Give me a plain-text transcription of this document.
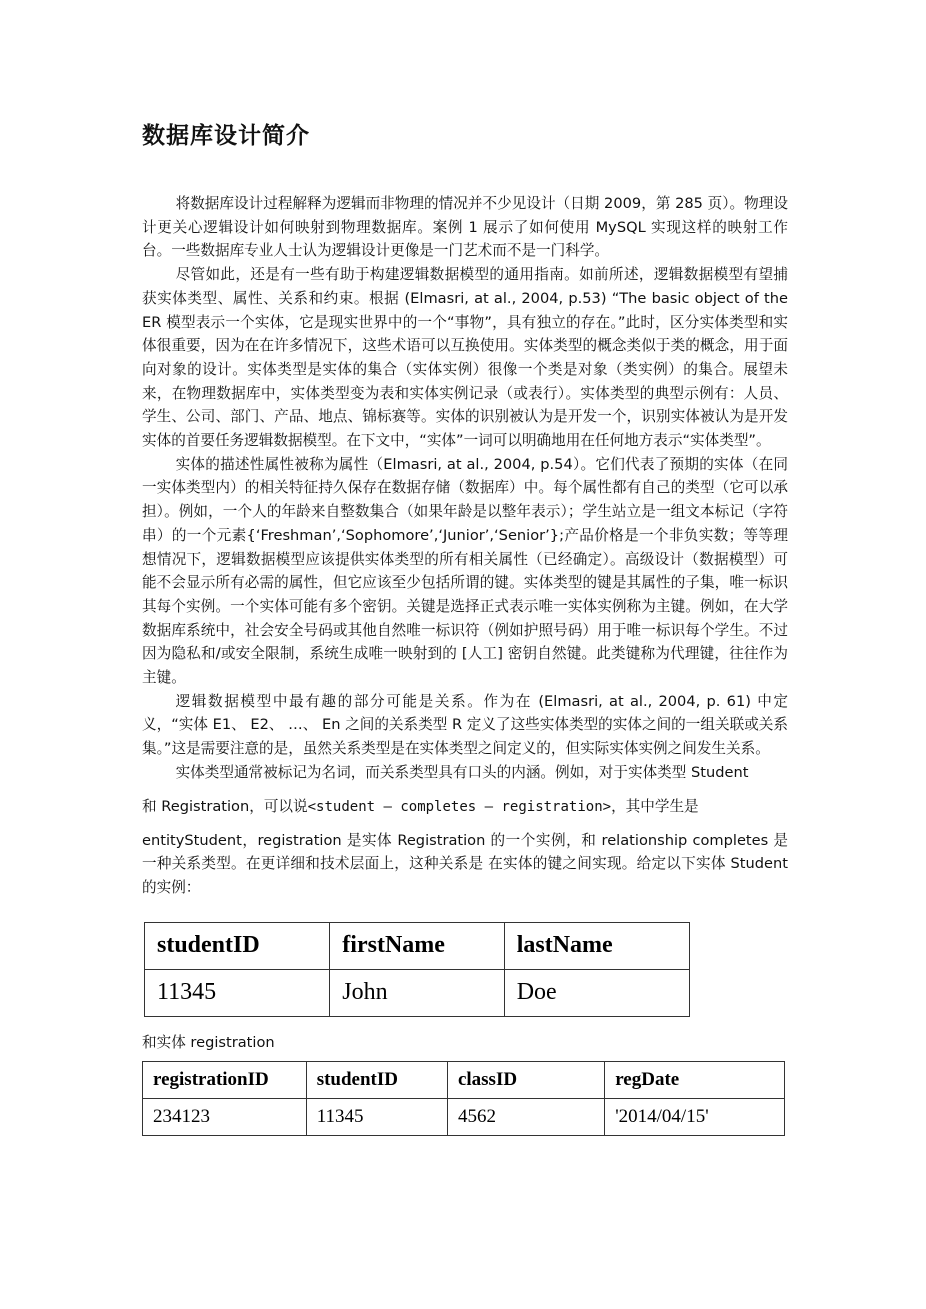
数据库设计简介

将数据库设计过程解释为逻辑而非物理的情况并不少见设计（日期 2009，第 285 页）。物理设计更关心逻辑设计如何映射到物理数据库。案例 1 展示了如何使用 MySQL 实现这样的映射工作台。一些数据库专业人士认为逻辑设计更像是一门艺术而不是一门科学。

尽管如此，还是有一些有助于构建逻辑数据模型的通用指南。如前所述，逻辑数据模型有望捕获实体类型、属性、关系和约束。根据 (Elmasri, at al., 2004, p.53) “The basic object of the ER 模型表示一个实体，它是现实世界中的一个“事物”，具有独立的存在。”此时，区分实体类型和实体很重要，因为在在许多情况下，这些术语可以互换使用。实体类型的概念类似于类的概念，用于面向对象的设计。实体类型是实体的集合（实体实例）很像一个类是对象（类实例）的集合。展望未来，在物理数据库中，实体类型变为表和实体实例记录（或表行）。实体类型的典型示例有：人员、学生、公司、部门、产品、地点、锦标赛等。实体的识别被认为是开发一个，识别实体被认为是开发实体的首要任务逻辑数据模型。在下文中，“实体”一词可以明确地用在任何地方表示“实体类型”。

实体的描述性属性被称为属性（Elmasri, at al., 2004, p.54）。它们代表了预期的实体（在同一实体类型内）的相关特征持久保存在数据存储（数据库）中。每个属性都有自己的类型（它可以承担）。例如，一个人的年龄来自整数集合（如果年龄是以整年表示）；学生站立是一组文本标记（字符串）的一个元素{‘Freshman’,‘Sophomore’,‘Junior’,‘Senior’};产品价格是一个非负实数；等等理想情况下，逻辑数据模型应该提供实体类型的所有相关属性（已经确定）。高级设计（数据模型）可能不会显示所有必需的属性，但它应该至少包括所谓的键。实体类型的键是其属性的子集，唯一标识其每个实例。一个实体可能有多个密钥。关键是选择正式表示唯一实体实例称为主键。例如，在大学数据库系统中，社会安全号码或其他自然唯一标识符（例如护照号码）用于唯一标识每个学生。不过因为隐私和/或安全限制，系统生成唯一映射到的 [人工] 密钥自然键。此类键称为代理键，往往作为主键。

逻辑数据模型中最有趣的部分可能是关系。作为在 (Elmasri, at al., 2004, p. 61) 中定义，“实体 E1、 E2、 …、 En 之间的关系类型 R 定义了这些实体类型的实体之间的一组关联或关系集。”这是需要注意的是，虽然关系类型是在实体类型之间定义的，但实际实体实例之间发生关系。

实体类型通常被标记为名词，而关系类型具有口头的内涵。例如，对于实体类型 Student

和 Registration，可以说<student – completes – registration>，其中学生是

entityStudent，registration 是实体 Registration 的一个实例，和 relationship completes 是一种关系类型。在更详细和技术层面上，这种关系是 在实体的键之间实现。给定以下实体 Student 的实例：

studentID	firstName	lastName
11345	John	Doe

和实体 registration

registrationID	studentID	classID	regDate
234123	11345	4562	'2014/04/15'
